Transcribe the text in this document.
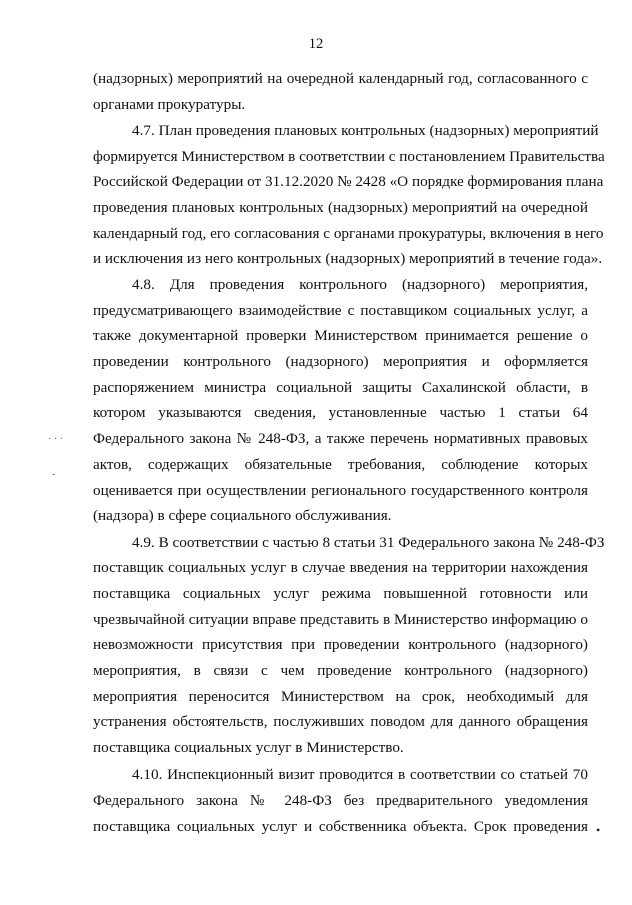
12
(надзорных) мероприятий на очередной календарный год, согласованного с
органами прокуратуры.
4.7. План проведения плановых контрольных (надзорных) мероприятий
формируется Министерством в соответствии с постановлением Правительства
Российской Федерации от 31.12.2020 № 2428 «О порядке формирования плана
проведения плановых контрольных (надзорных) мероприятий на очередной
календарный год, его согласования с органами прокуратуры, включения в него
и исключения из него контрольных (надзорных) мероприятий в течение года».
4.8. Для проведения контрольного (надзорного) мероприятия,
предусматривающего взаимодействие с поставщиком социальных услуг, а
также документарной проверки Министерством принимается решение о
проведении контрольного (надзорного) мероприятия и оформляется
распоряжением министра социальной защиты Сахалинской области, в
котором указываются сведения, установленные частью 1 статьи 64
Федерального закона № 248-ФЗ, а также перечень нормативных правовых
актов, содержащих обязательные требования, соблюдение которых
оценивается при осуществлении регионального государственного контроля
(надзора) в сфере социального обслуживания.
4.9. В соответствии с частью 8 статьи 31 Федерального закона № 248-ФЗ
поставщик социальных услуг в случае введения на территории нахождения
поставщика социальных услуг режима повышенной готовности или
чрезвычайной ситуации вправе представить в Министерство информацию о
невозможности присутствия при проведении контрольного (надзорного)
мероприятия, в связи с чем проведение контрольного (надзорного)
мероприятия переносится Министерством на срок, необходимый для
устранения обстоятельств, послуживших поводом для данного обращения
поставщика социальных услуг в Министерство.
4.10. Инспекционный визит проводится в соответствии со статьей 70
Федерального закона № 248-ФЗ без предварительного уведомления
поставщика социальных услуг и собственника объекта. Срок проведения
· · ·
‐
•
